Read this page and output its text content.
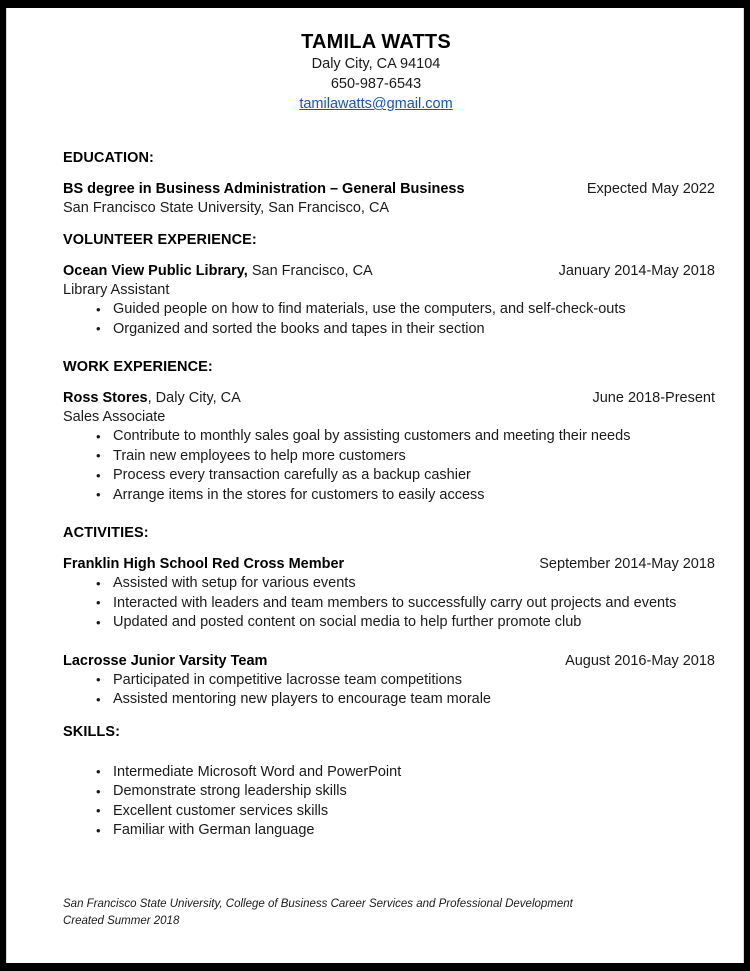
TAMILA WATTS
Daly City, CA 94104
650-987-6543
tamilawatts@gmail.com
EDUCATION:
BS degree in Business Administration – General Business	Expected May 2022
San Francisco State University, San Francisco, CA
VOLUNTEER EXPERIENCE:
Ocean View Public Library, San Francisco, CA	January 2014-May 2018
Library Assistant
• Guided people on how to find materials, use the computers, and self-check-outs
• Organized and sorted the books and tapes in their section
WORK EXPERIENCE:
Ross Stores, Daly City, CA	June 2018-Present
Sales Associate
• Contribute to monthly sales goal by assisting customers and meeting their needs
• Train new employees to help more customers
• Process every transaction carefully as a backup cashier
• Arrange items in the stores for customers to easily access
ACTIVITIES:
Franklin High School Red Cross Member	September 2014-May 2018
• Assisted with setup for various events
• Interacted with leaders and team members to successfully carry out projects and events
• Updated and posted content on social media to help further promote club
Lacrosse Junior Varsity Team	August 2016-May 2018
• Participated in competitive lacrosse team competitions
• Assisted mentoring new players to encourage team morale
SKILLS:
• Intermediate Microsoft Word and PowerPoint
• Demonstrate strong leadership skills
• Excellent customer services skills
• Familiar with German language
San Francisco State University, College of Business Career Services and Professional Development
Created Summer 2018
